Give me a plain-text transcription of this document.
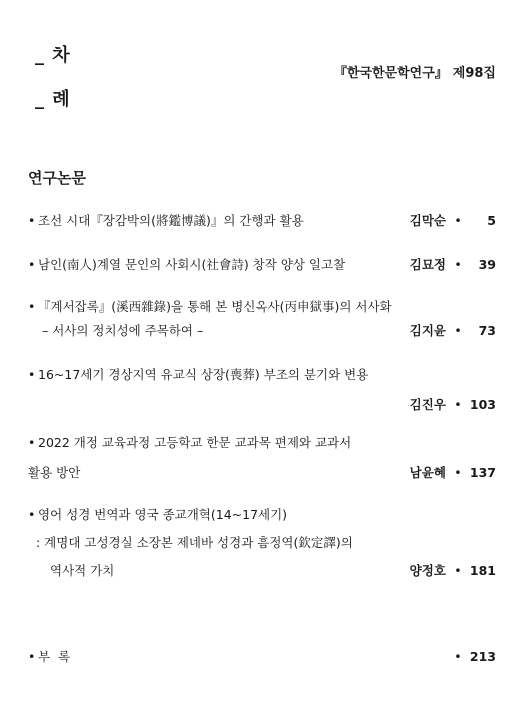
_ 차
_ 례
『한국한문학연구』 제98집
연구논문
• 조선 시대『장감박의(將鑑博議)』의 간행과 활용	김막순 • 5
• 남인(南人)계열 문인의 사회시(社會詩) 창작 양상 일고찰	김묘정 • 39
• 『계서잡록』(溪西雜錄)을 통해 본 병신옥사(丙申獄事)의 서사화
– 서사의 정치성에 주목하여 –	김지윤 • 73
• 16~17세기 경상지역 유교식 상장(喪葬) 부조의 분기와 변용
김진우 • 103
• 2022 개정 교육과정 고등학교 한문 교과목 편제와 교과서
활용 방안	남윤혜 • 137
• 영어 성경 번역과 영국 종교개혁(14~17세기)
: 계명대 고성경실 소장본 제네바 성경과 흠정역(欽定譯)의
역사적 가치	양정호 • 181
• 부  록	• 213
